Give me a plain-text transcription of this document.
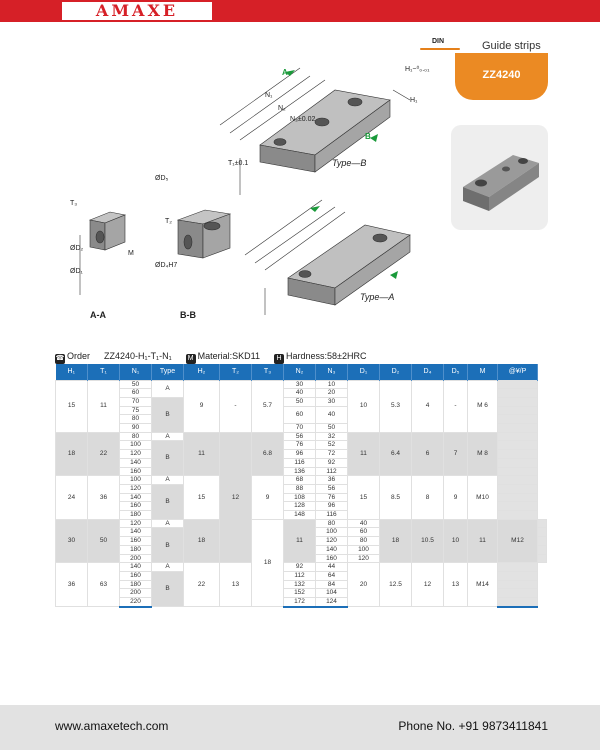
AMAXE
DIN	Guide strips
ZZ4240
A-A	B-B
Type—B
Type—A
N₁
N₂
N₃±0.02
H₁−⁰₀.₀₁
H₁
T₁±0.1
T₂
T₃
ØD₂
ØD₁
ØD₅
ØD₄H7
M
A
B
☎ Order ZZ4240-H₁-T₁-N₁ M Material:SKD11	H Hardness:58±2HRC
H₁	T₁	N₁	Type	H₂	T₂	T₃	N₂	N₃	D₁	D₂	D₄	D₅	M	@¥/P	
15	11	50	A	9	-	5.7	30	10	10	5.3	4	-	M 6		
		60					40	20							
		70	B				50	30							
		75					60	40							
		80													
		90					70	50							
18	22	80	A	11	12	6.8	56	32	11	6.4	6	7	M 8		
		100	B				76	52							
		120					96	72							
		140					116	92							
		160					136	112							
24	36	100	A	15		9	68	36	15	8.5	8	9	M10		
		120	B				88	56							
		140					108	76							
		160					128	96							
		180					148	116							
30	50	120	A	18		18	11	80	40	18	10.5	10	11	M12	
		140	B					100	60						
		160						120	80						
		180						140	100						
		200						160	120						
36	63	140	A	22	13		92	44	20	12.5	12	13	M14		
		160	B				112	64							
		180					132	84							
		200					152	104							
		220					172	124							
www.amaxetech.com	Phone No. +91 9873411841
